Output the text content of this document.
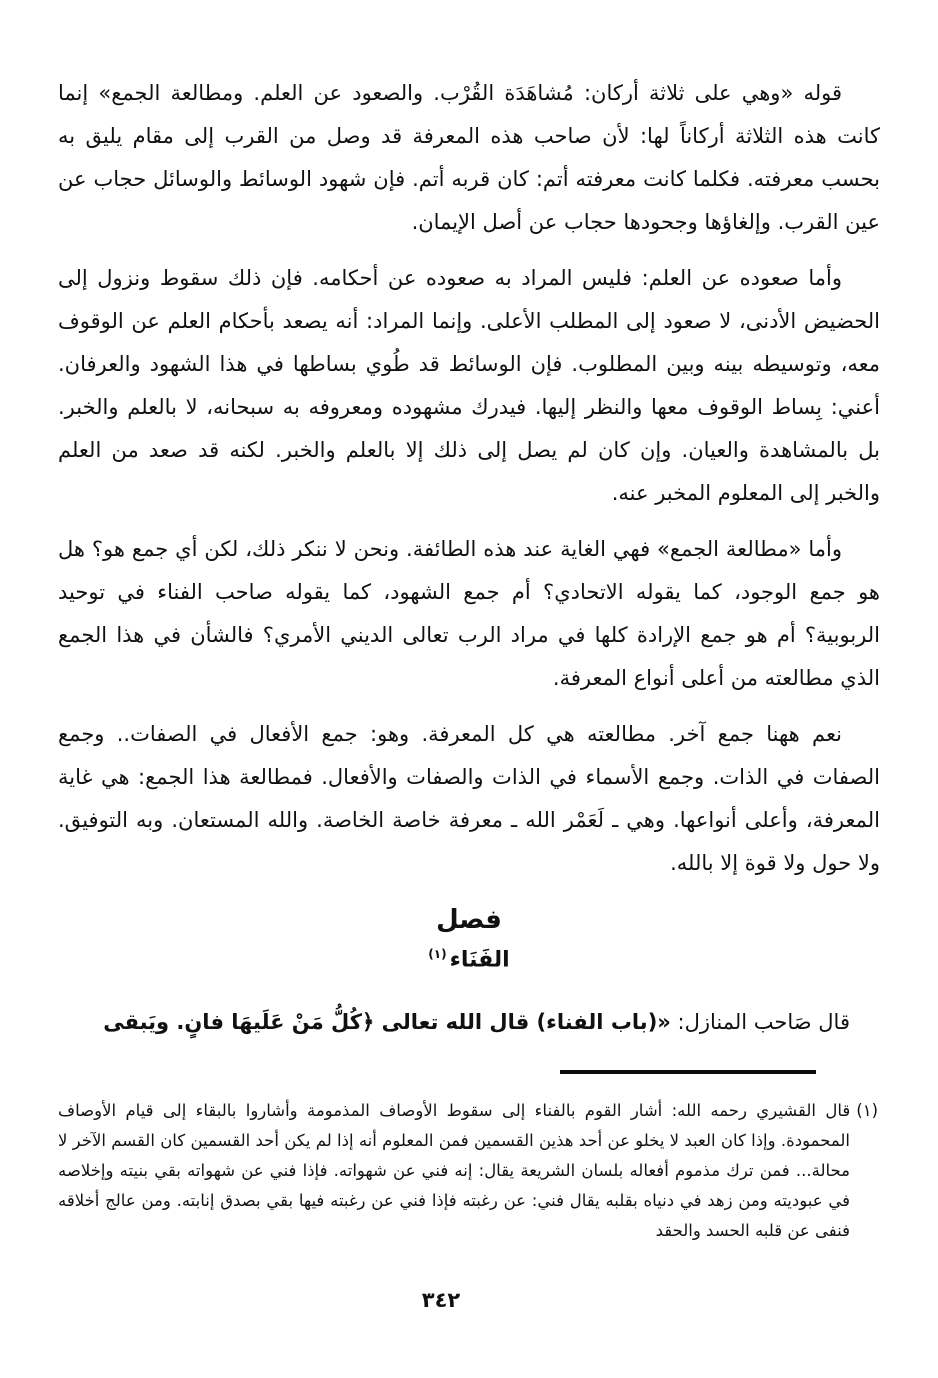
قوله «وهي على ثلاثة أركان: مُشاهَدَة القُرْب. والصعود عن العلم. ومطالعة الجمع» إنما كانت هذه الثلاثة أركاناً لها: لأن صاحب هذه المعرفة قد وصل من القرب إلى مقام يليق به بحسب معرفته. فكلما كانت معرفته أتم: كان قربه أتم. فإن شهود الوسائط والوسائل حجاب عن عين القرب. وإلغاؤها وجحودها حجاب عن أصل الإيمان.

وأما صعوده عن العلم: فليس المراد به صعوده عن أحكامه. فإن ذلك سقوط ونزول إلى الحضيض الأدنى، لا صعود إلى المطلب الأعلى. وإنما المراد: أنه يصعد بأحكام العلم عن الوقوف معه، وتوسيطه بينه وبين المطلوب. فإن الوسائط قد طُوي بساطها في هذا الشهود والعرفان. أعني: بِساط الوقوف معها والنظر إليها. فيدرك مشهوده ومعروفه به سبحانه، لا بالعلم والخبر. بل بالمشاهدة والعيان. وإن كان لم يصل إلى ذلك إلا بالعلم والخبر. لكنه قد صعد من العلم والخبر إلى المعلوم المخبر عنه.

وأما «مطالعة الجمع» فهي الغاية عند هذه الطائفة. ونحن لا ننكر ذلك، لكن أي جمع هو؟ هل هو جمع الوجود، كما يقوله الاتحادي؟ أم جمع الشهود، كما يقوله صاحب الفناء في توحيد الربوبية؟ أم هو جمع الإرادة كلها في مراد الرب تعالى الديني الأمري؟ فالشأن في هذا الجمع الذي مطالعته من أعلى أنواع المعرفة.

نعم ههنا جمع آخر. مطالعته هي كل المعرفة. وهو: جمع الأفعال في الصفات.. وجمع الصفات في الذات. وجمع الأسماء في الذات والصفات والأفعال. فمطالعة هذا الجمع: هي غاية المعرفة، وأعلى أنواعها. وهي ـ لَعَمْر الله ـ معرفة خاصة الخاصة. والله المستعان. وبه التوفيق. ولا حول ولا قوة إلا بالله.

فصل
الفَنَاء$^{(١)}$

قال صَاحب المنازل: «(باب الفناء) قال الله تعالى ﴿كُلُّ مَنْ عَلَيهَا فانٍ. ويَبقى

(١)قال القشيري رحمه الله: أشار القوم بالفناء إلى سقوط الأوصاف المذمومة وأشاروا بالبقاء إلى قيام الأوصاف المحمودة. وإذا كان العبد لا يخلو عن أحد هذين القسمين فمن المعلوم أنه إذا لم يكن أحد القسمين كان القسم الآخر لا محالة... فمن ترك مذموم أفعاله بلسان الشريعة يقال: إنه فني عن شهواته. فإذا فني عن شهواته بقي بنيته وإخلاصه في عبوديته ومن زهد في دنياه بقلبه يقال فني: عن رغبته فإذا فني عن رغبته فيها بقي بصدق إنابته. ومن عالج أخلاقه فنفى عن قلبه الحسد والحقد
٣٤٢
